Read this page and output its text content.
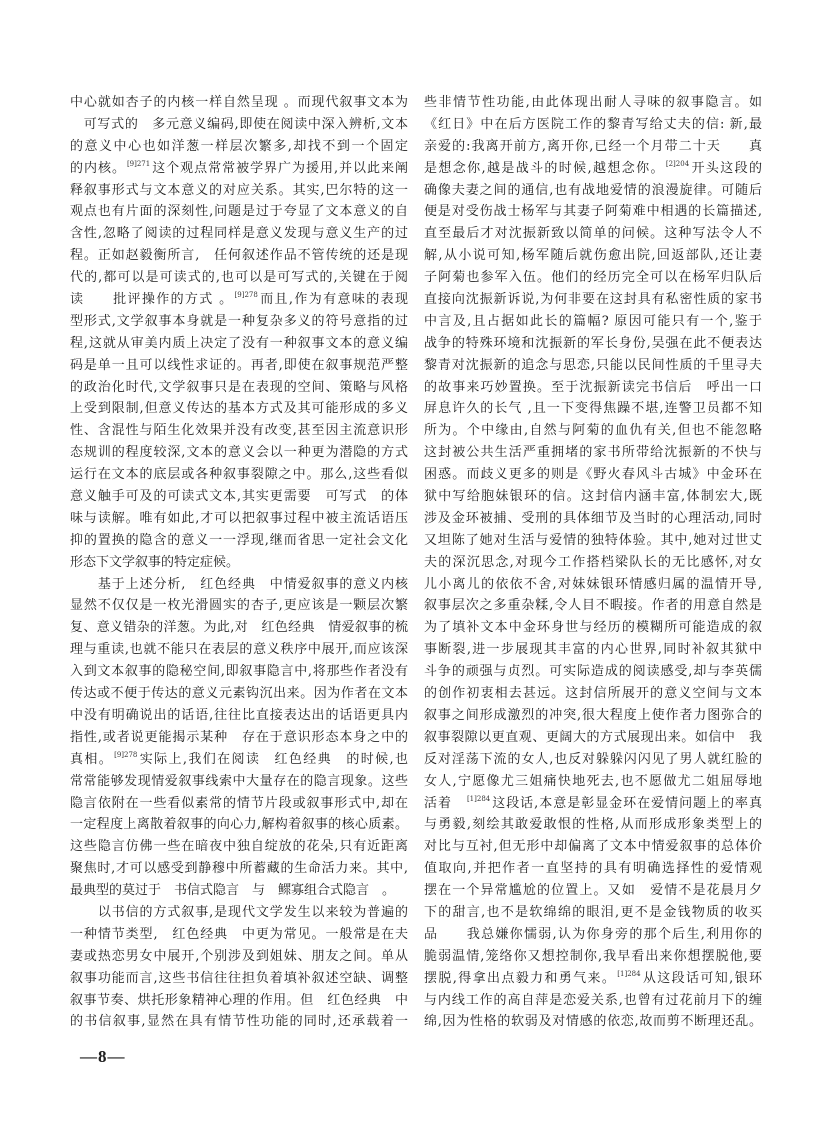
中心就如杏子的内核一样自然呈现 。而现代叙事文本为
　可写式的　多元意义编码,即使在阅读中深入辨析,文本
的意义中心也如洋葱一样层次繁多,却找不到一个固定
的内核。$^{[9]271}$这个观点常常被学界广为援用,并以此来阐
释叙事形式与文本意义的对应关系。其实,巴尔特的这一
观点也有片面的深刻性,问题是过于夸显了文本意义的自
含性,忽略了阅读的过程同样是意义发现与意义生产的过
程。正如赵毅衡所言,　任何叙述作品不管传统的还是现
代的,都可以是可读式的,也可以是可写式的,关键在于阅
读　　批评操作的方式 。$^{[9]278}$而且,作为有意味的表现
型形式,文学叙事本身就是一种复杂多义的符号意指的过
程,这就从审美内质上决定了没有一种叙事文本的意义编
码是单一且可以线性求证的。再者,即使在叙事规范严整
的政治化时代,文学叙事只是在表现的空间、策略与风格
上受到限制,但意义传达的基本方式及其可能形成的多义
性、含混性与陌生化效果并没有改变,甚至因主流意识形
态规训的程度较深,文本的意义会以一种更为潜隐的方式
运行在文本的底层或各种叙事裂隙之中。那么,这些看似
意义触手可及的可读式文本,其实更需要　可写式　的体
味与读解。唯有如此,才可以把叙事过程中被主流话语压
抑的置换的隐含的意义一一浮现,继而省思一定社会文化
形态下文学叙事的特定症候。
　　基于上述分析,　红色经典　中情爱叙事的意义内核
显然不仅仅是一枚光滑圆实的杏子,更应该是一颗层次繁
复、意义错杂的洋葱。为此,对　红色经典　情爱叙事的梳
理与重读,也就不能只在表层的意义秩序中展开,而应该深
入到文本叙事的隐秘空间,即叙事隐言中,将那些作者没有
传达或不便于传达的意义元素钩沉出来。因为作者在文本
中没有明确说出的话语,往往比直接表达出的话语更具内
指性,或者说更能揭示某种　存在于意识形态本身之中的
真相。$^{[9]278}$实际上,我们在阅读　红色经典　的时候,也
常常能够发现情爱叙事线索中大量存在的隐言现象。这些
隐言依附在一些看似素常的情节片段或叙事形式中,却在
一定程度上离散着叙事的向心力,解构着叙事的核心质素。
这些隐言仿佛一些在暗夜中独自绽放的花朵,只有近距离
聚焦时,才可以感受到静穆中所蓄藏的生命活力来。其中,
最典型的莫过于　书信式隐言　与　鳏寡组合式隐言　。
　　以书信的方式叙事,是现代文学发生以来较为普遍的
一种情节类型,　红色经典　中更为常见。一般常是在夫
妻或热恋男女中展开,个别涉及到姐妹、朋友之间。单从
叙事功能而言,这些书信往往担负着填补叙述空缺、调整
叙事节奏、烘托形象精神心理的作用。但　红色经典　中
的书信叙事,显然在具有情节性功能的同时,还承载着一
些非情节性功能,由此体现出耐人寻味的叙事隐言。如
《红日》中在后方医院工作的黎青写给丈夫的信: 新,最
亲爱的:我离开前方,离开你,已经一个月带二十天　　真
是想念你,越是战斗的时候,越想念你。$^{[2]204}$开头这段的
确像夫妻之间的通信,也有战地爱情的浪漫旋律。可随后
便是对受伤战士杨军与其妻子阿菊难中相遇的长篇描述,
直至最后才对沈振新致以简单的问候。这种写法令人不
解,从小说可知,杨军随后就伤愈出院,回返部队,还让妻
子阿菊也参军入伍。他们的经历完全可以在杨军归队后
直接向沈振新诉说,为何非要在这封具有私密性质的家书
中言及,且占据如此长的篇幅? 原因可能只有一个,鉴于
战争的特殊环境和沈振新的军长身份,吴强在此不便表达
黎青对沈振新的追念与思恋,只能以民间性质的千里寻夫
的故事来巧妙置换。至于沈振新读完书信后　呼出一口
屏息许久的长气 ,且一下变得焦躁不堪,连警卫员都不知
所为。个中缘由,自然与阿菊的血仇有关,但也不能忽略
这封被公共生活严重拥堵的家书所带给沈振新的不快与
困惑。而歧义更多的则是《野火春风斗古城》中金环在
狱中写给胞妹银环的信。这封信内涵丰富,体制宏大,既
涉及金环被捕、受刑的具体细节及当时的心理活动,同时
又坦陈了她对生活与爱情的独特体验。其中,她对过世丈
夫的深沉思念,对现今工作搭档梁队长的无比感怀,对女
儿小离儿的依依不舍,对妹妹银环情感归属的温情开导,
叙事层次之多重杂糅,令人目不暇接。作者的用意自然是
为了填补文本中金环身世与经历的模糊所可能造成的叙
事断裂,进一步展现其丰富的内心世界,同时补叙其狱中
斗争的顽强与贞烈。可实际造成的阅读感受,却与李英儒
的创作初衷相去甚远。这封信所展开的意义空间与文本
叙事之间形成激烈的冲突,很大程度上使作者力图弥合的
叙事裂隙以更直观、更阔大的方式展现出来。如信中　我
反对淫荡下流的女人,也反对躲躲闪闪见了男人就红脸的
女人,宁愿像尤三姐痛快地死去,也不愿做尤二姐屈辱地
活着　$^{[1]284}$这段话,本意是彰显金环在爱情问题上的率真
与勇毅,刻绘其敢爱敢恨的性格,从而形成形象类型上的
对比与互衬,但无形中却偏离了文本中情爱叙事的总体价
值取向,并把作者一直坚持的具有明确选择性的爱情观
摆在一个异常尴尬的位置上。又如　爱情不是花晨月夕
下的甜言,也不是软绵绵的眼泪,更不是金钱物质的收买
品　　我总嫌你懦弱,认为你身旁的那个后生,利用你的
脆弱温情,笼络你又想控制你,我早看出来你想摆脱他,要
摆脱,得拿出点毅力和勇气来。$^{[1]284}$从这段话可知,银环
与内线工作的高自萍是恋爱关系,也曾有过花前月下的缠
绵,因为性格的软弱及对情感的依恋,故而剪不断理还乱。
—8—
